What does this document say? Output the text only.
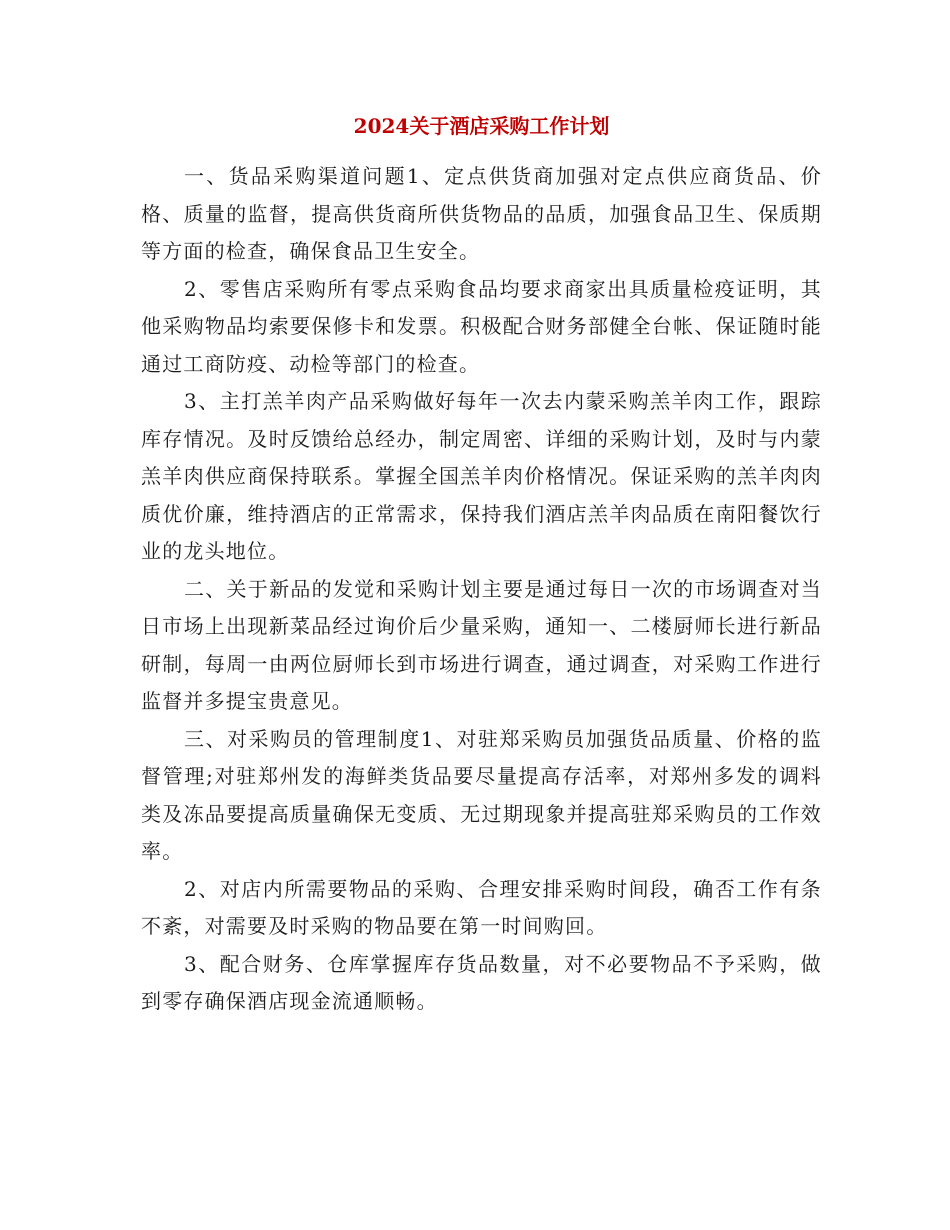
2024关于酒店采购工作计划

一、货品采购渠道问题1、定点供货商加强对定点供应商货品、价格、质量的监督，提高供货商所供货物品的品质，加强食品卫生、保质期等方面的检查，确保食品卫生安全。

2、零售店采购所有零点采购食品均要求商家出具质量检疫证明，其他采购物品均索要保修卡和发票。积极配合财务部健全台帐、保证随时能通过工商防疫、动检等部门的检查。

3、主打羔羊肉产品采购做好每年一次去内蒙采购羔羊肉工作，跟踪库存情况。及时反馈给总经办，制定周密、详细的采购计划，及时与内蒙羔羊肉供应商保持联系。掌握全国羔羊肉价格情况。保证采购的羔羊肉肉质优价廉，维持酒店的正常需求，保持我们酒店羔羊肉品质在南阳餐饮行业的龙头地位。

二、关于新品的发觉和采购计划主要是通过每日一次的市场调查对当日市场上出现新菜品经过询价后少量采购，通知一、二楼厨师长进行新品研制，每周一由两位厨师长到市场进行调查，通过调查，对采购工作进行监督并多提宝贵意见。

三、对采购员的管理制度1、对驻郑采购员加强货品质量、价格的监督管理;对驻郑州发的海鲜类货品要尽量提高存活率，对郑州多发的调料类及冻品要提高质量确保无变质、无过期现象并提高驻郑采购员的工作效率。

2、对店内所需要物品的采购、合理安排采购时间段，确否工作有条不紊，对需要及时采购的物品要在第一时间购回。

3、配合财务、仓库掌握库存货品数量，对不必要物品不予采购，做到零存确保酒店现金流通顺畅。
